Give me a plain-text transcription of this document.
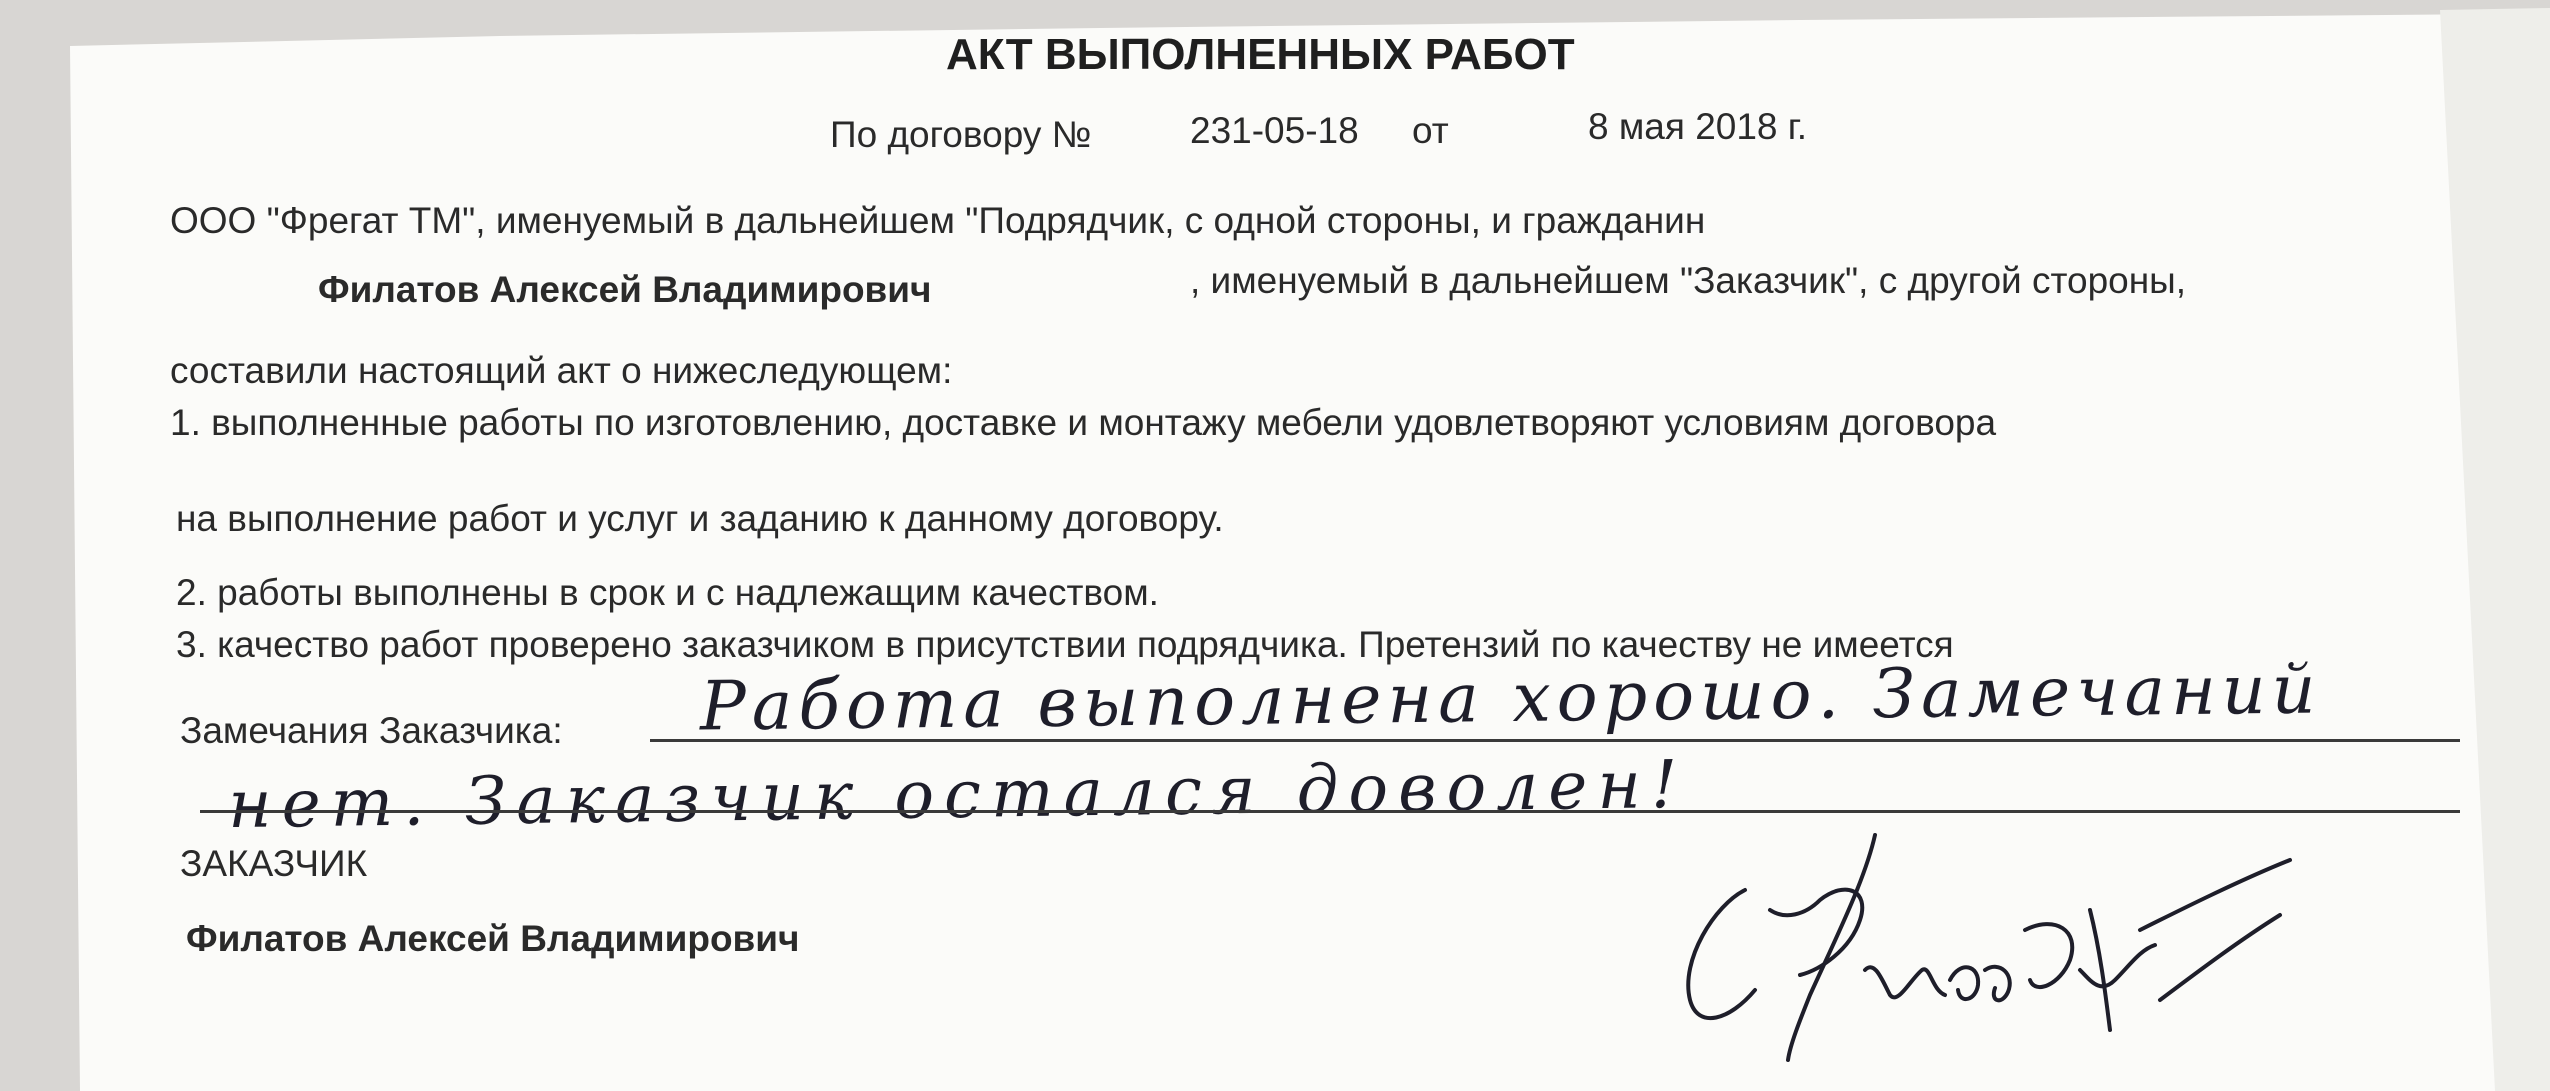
АКТ ВЫПОЛНЕННЫХ РАБОТ
По договору №	231-05-18 от	8 мая 2018 г.
ООО "Фрегат ТМ", именуемый в дальнейшем "Подрядчик, с одной стороны, и гражданин
Филатов Алексей Владимирович	, именуемый в дальнейшем "Заказчик", с другой стороны,
составили настоящий акт о нижеследующем:
1. выполненные работы по изготовлению, доставке и монтажу мебели удовлетворяют условиям договора
на выполнение работ и услуг и заданию к данному договору.
2. работы выполнены в срок и с надлежащим качеством.
3. качество работ проверено заказчиком в присутствии подрядчика. Претензий по качеству не имеется
Замечания Заказчика: Работа выполнена хорошо. Замечаний
нет. Заказчик остался доволен!
ЗАКАЗЧИК
Филатов Алексей Владимирович
